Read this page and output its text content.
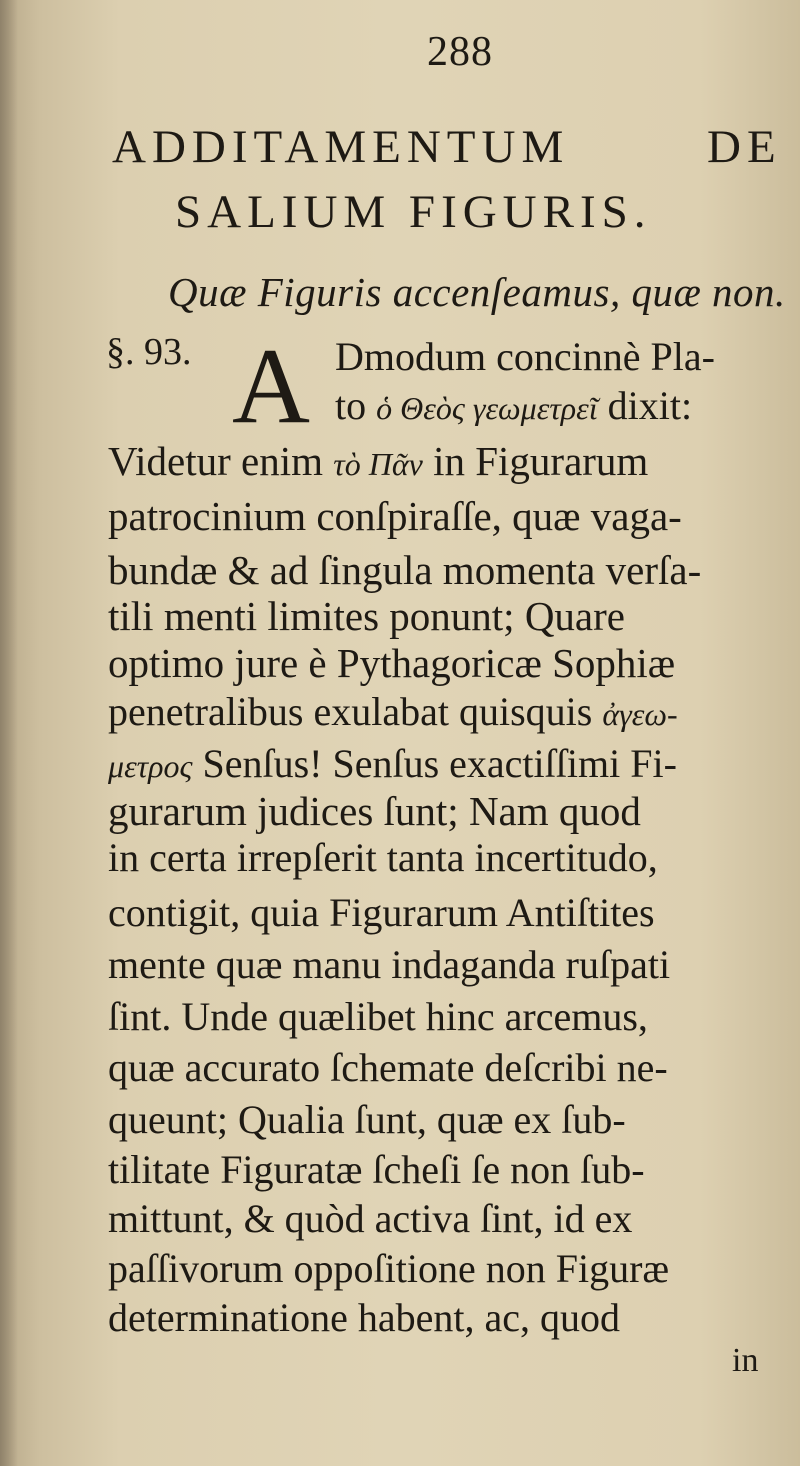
288
ADDITAMENTUM	DE
SALIUM FIGURIS.
Quæ Figuris accenſeamus, quæ non.
§. 93. A Dmodum concinnè Pla-
to ὁ Θεὸς γεωμετρεῖ dixit:
Videtur enim τὸ Πᾶν in Figurarum
patrocinium conſpiraſſe, quæ vaga-
bundæ & ad ſingula momenta verſa-
tili menti limites ponunt; Quare
optimo jure è Pythagoricæ Sophiæ
penetralibus exulabat quisquis ἀγεω-
μετρος Senſus! Senſus exactiſſimi Fi-
gurarum judices ſunt; Nam quod
in certa irrepſerit tanta incertitudo,
contigit, quia Figurarum Antiſtites
mente quæ manu indaganda ruſpati
ſint. Unde quælibet hinc arcemus,
quæ accurato ſchemate deſcribi ne-
queunt; Qualia ſunt, quæ ex ſub-
tilitate Figuratæ ſcheſi ſe non ſub-
mittunt, & quòd activa ſint, id ex
paſſivorum oppoſitione non Figuræ
determinatione habent, ac, quod
in
